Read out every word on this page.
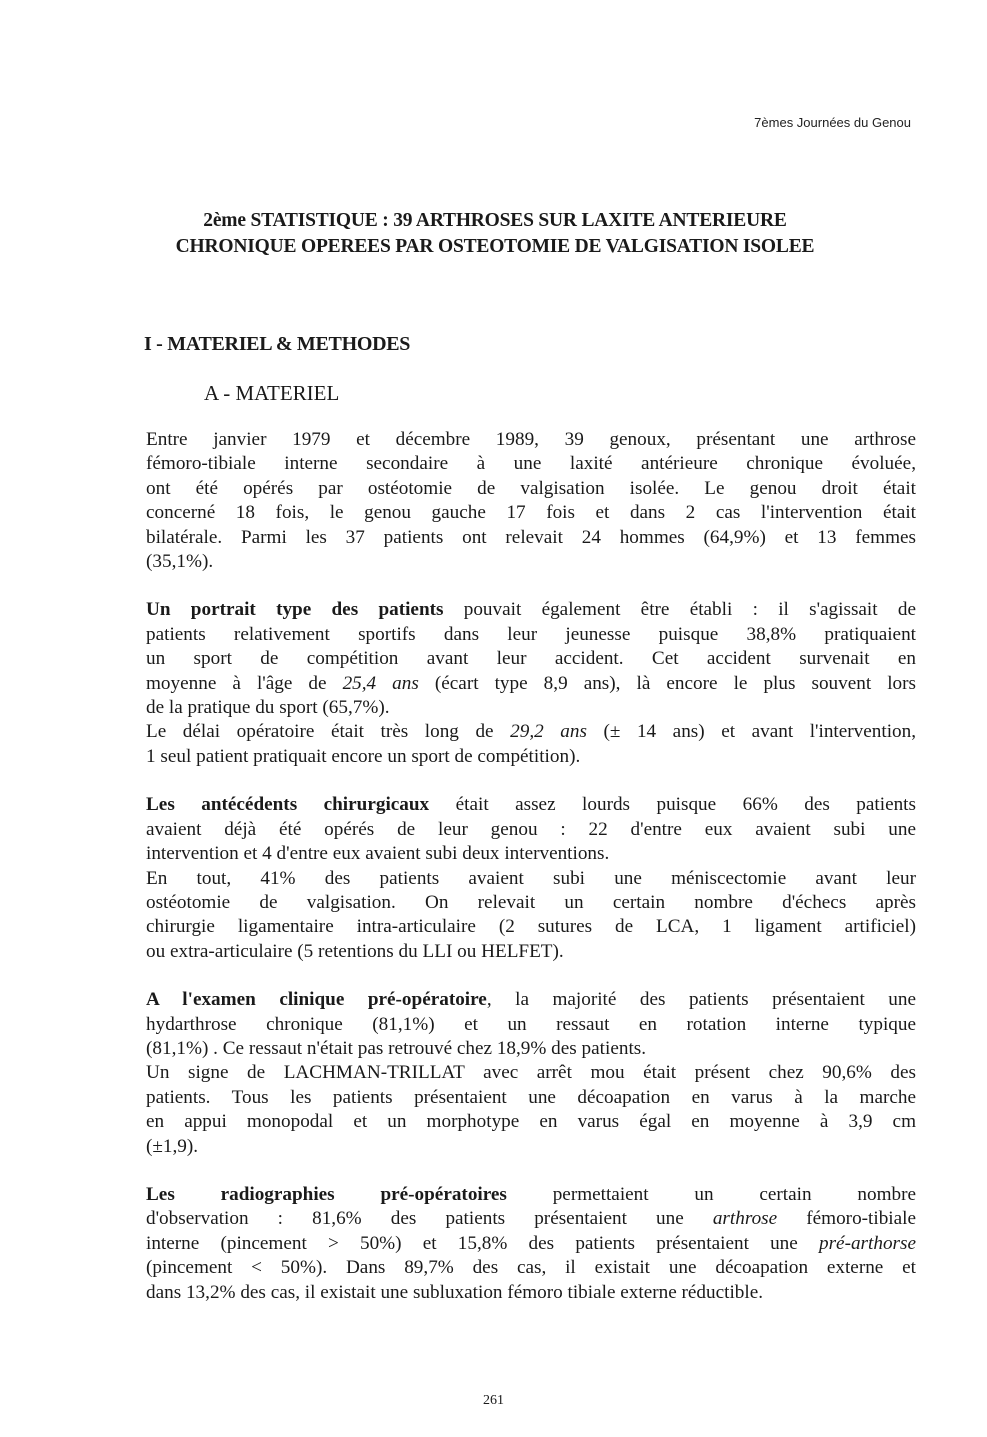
7èmes Journées du Genou
2ème STATISTIQUE : 39 ARTHROSES SUR LAXITE ANTERIEURE
CHRONIQUE OPEREES PAR OSTEOTOMIE DE VALGISATION ISOLEE
I - MATERIEL & METHODES
A - MATERIEL

Entre janvier 1979 et décembre 1989, 39 genoux, présentant une arthrose

fémoro-tibiale interne secondaire à une laxité antérieure chronique évoluée,

ont été opérés par ostéotomie de valgisation isolée. Le genou droit était

concerné 18 fois, le genou gauche 17 fois et dans 2 cas l'intervention était

bilatérale. Parmi les 37 patients ont relevait 24 hommes (64,9%) et 13 femmes

(35,1%).

Un portrait type des patients pouvait également être établi : il s'agissait de

patients relativement sportifs dans leur jeunesse puisque 38,8% pratiquaient

un sport de compétition avant leur accident. Cet accident survenait en

moyenne à l'âge de 25,4 ans (écart type 8,9 ans), là encore le plus souvent lors

de la pratique du sport (65,7%).

Le délai opératoire était très long de 29,2 ans (± 14 ans) et avant l'intervention,

1 seul patient pratiquait encore un sport de compétition).

Les antécédents chirurgicaux était assez lourds puisque 66% des patients

avaient déjà été opérés de leur genou : 22 d'entre eux avaient subi une

intervention et 4 d'entre eux avaient subi deux interventions.

En tout, 41% des patients avaient subi une méniscectomie avant leur

ostéotomie de valgisation. On relevait un certain nombre d'échecs après

chirurgie ligamentaire intra-articulaire (2 sutures de LCA, 1 ligament artificiel)

ou extra-articulaire (5 retentions du LLI ou HELFET).

A l'examen clinique pré-opératoire, la majorité des patients présentaient une

hydarthrose chronique (81,1%) et un ressaut en rotation interne typique

(81,1%) . Ce ressaut n'était pas retrouvé chez 18,9% des patients.

Un signe de LACHMAN-TRILLAT avec arrêt mou était présent chez 90,6% des

patients. Tous les patients présentaient une décoapation en varus à la marche

en appui monopodal et un morphotype en varus égal en moyenne à 3,9 cm

(±1,9).

Les radiographies pré-opératoires permettaient un certain nombre

d'observation : 81,6% des patients présentaient une arthrose fémoro-tibiale

interne (pincement > 50%) et 15,8% des patients présentaient une pré-arthorse

(pincement < 50%). Dans 89,7% des cas, il existait une décoapation externe et

dans 13,2% des cas, il existait une subluxation fémoro tibiale externe réductible.

261
